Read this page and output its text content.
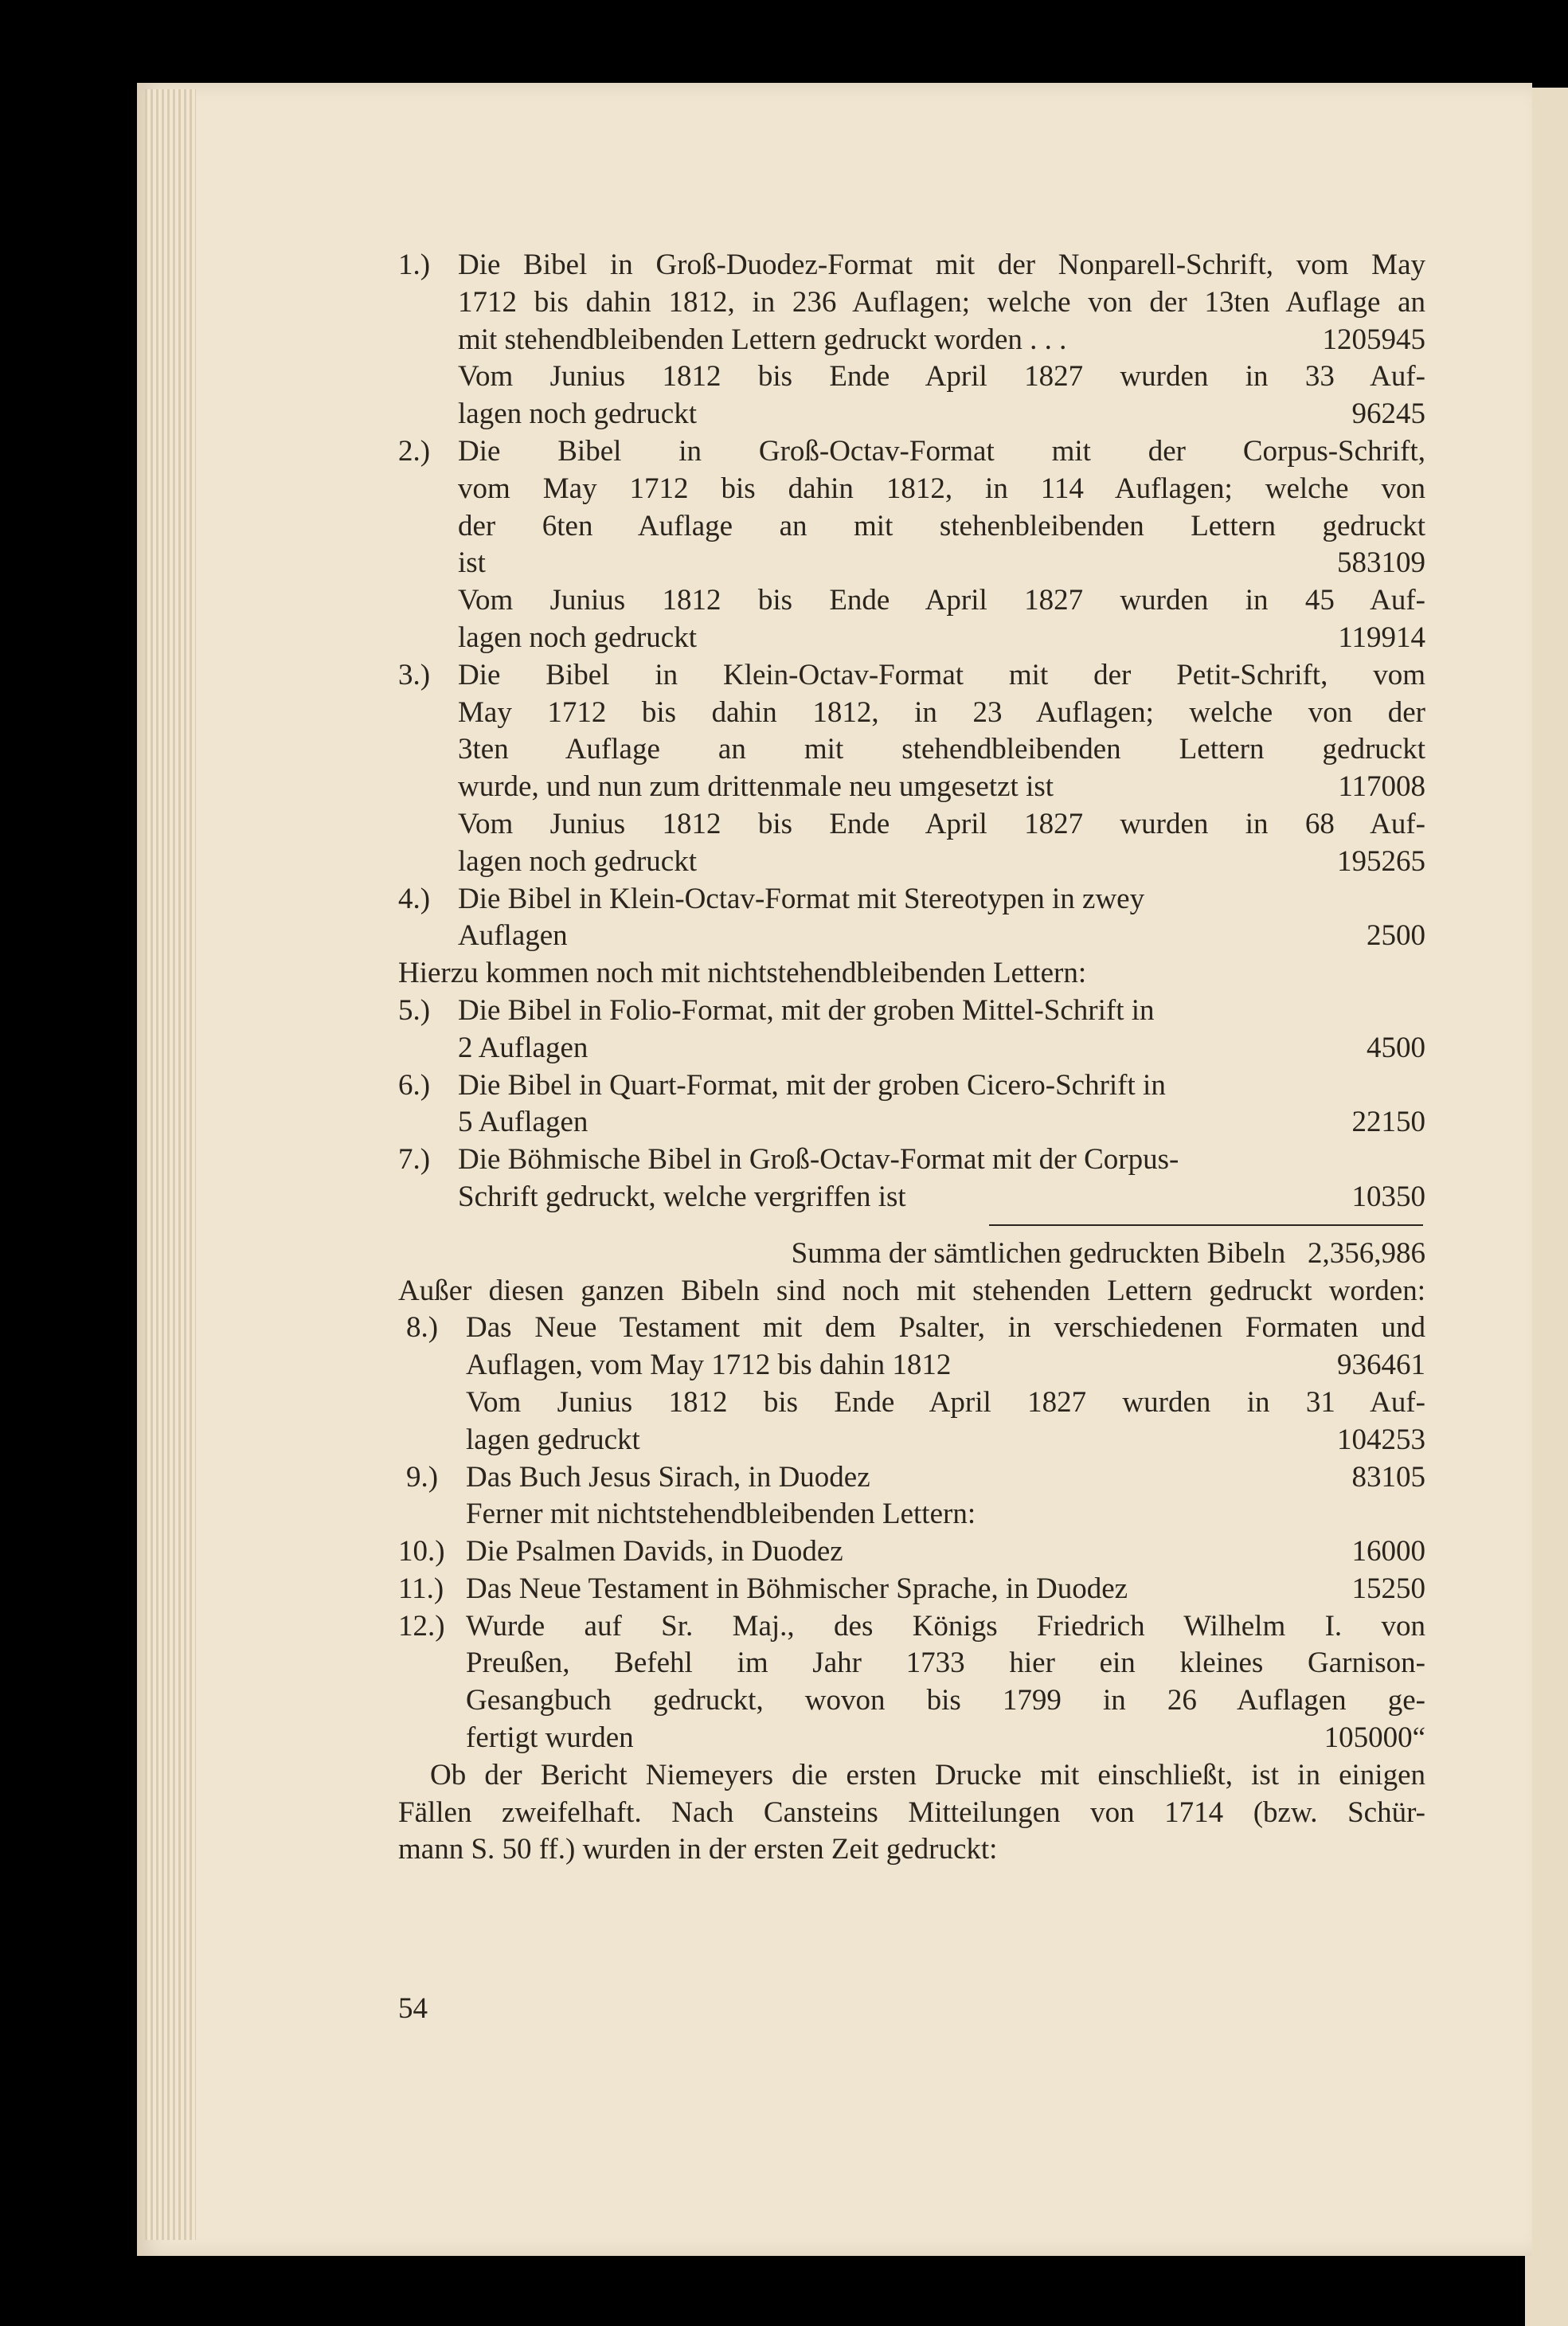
1.) Die Bibel in Groß-Duodez-Format mit der Nonparell-Schrift, vom May
1712 bis dahin 1812, in 236 Auflagen; welche von der 13ten Auflage an
mit stehendbleibenden Lettern gedruckt worden . . .	1205945
Vom Junius 1812 bis Ende April 1827 wurden in 33 Auf-
lagen noch gedruckt	96245
2.) Die Bibel in Groß-Octav-Format mit der Corpus-Schrift,
vom May 1712 bis dahin 1812, in 114 Auflagen; welche von
der 6ten Auflage an mit stehenbleibenden Lettern gedruckt
ist	583109
Vom Junius 1812 bis Ende April 1827 wurden in 45 Auf-
lagen noch gedruckt	119914
3.) Die Bibel in Klein-Octav-Format mit der Petit-Schrift, vom
May 1712 bis dahin 1812, in 23 Auflagen; welche von der
3ten Auflage an mit stehendbleibenden Lettern gedruckt
wurde, und nun zum drittenmale neu umgesetzt ist	117008
Vom Junius 1812 bis Ende April 1827 wurden in 68 Auf-
lagen noch gedruckt	195265
4.) Die Bibel in Klein-Octav-Format mit Stereotypen in zwey
Auflagen	2500

Hierzu kommen noch mit nichtstehendbleibenden Lettern:

5.) Die Bibel in Folio-Format, mit der groben Mittel-Schrift in
2 Auflagen	4500
6.) Die Bibel in Quart-Format, mit der groben Cicero-Schrift in
5 Auflagen	22150
7.) Die Böhmische Bibel in Groß-Octav-Format mit der Corpus-
Schrift gedruckt, welche vergriffen ist	10350

Summa der sämtlichen gedruckten Bibeln 2,356,986

Außer diesen ganzen Bibeln sind noch mit stehenden Lettern gedruckt worden:

8.) Das Neue Testament mit dem Psalter, in verschiedenen Formaten und
Auflagen, vom May 1712 bis dahin 1812	936461
Vom Junius 1812 bis Ende April 1827 wurden in 31 Auf-
lagen gedruckt	104253
9.) Das Buch Jesus Sirach, in Duodez	83105
Ferner mit nichtstehendbleibenden Lettern:
10.) Die Psalmen Davids, in Duodez	16000
11.) Das Neue Testament in Böhmischer Sprache, in Duodez	15250
12.) Wurde auf Sr. Maj., des Königs Friedrich Wilhelm I. von
Preußen, Befehl im Jahr 1733 hier ein kleines Garnison-
Gesangbuch gedruckt, wovon bis 1799 in 26 Auflagen ge-
fertigt wurden	105000“
Ob der Bericht Niemeyers die ersten Drucke mit einschließt, ist in einigen
Fällen zweifelhaft. Nach Cansteins Mitteilungen von 1714 (bzw. Schür-
mann S. 50 ff.) wurden in der ersten Zeit gedruckt:
54
